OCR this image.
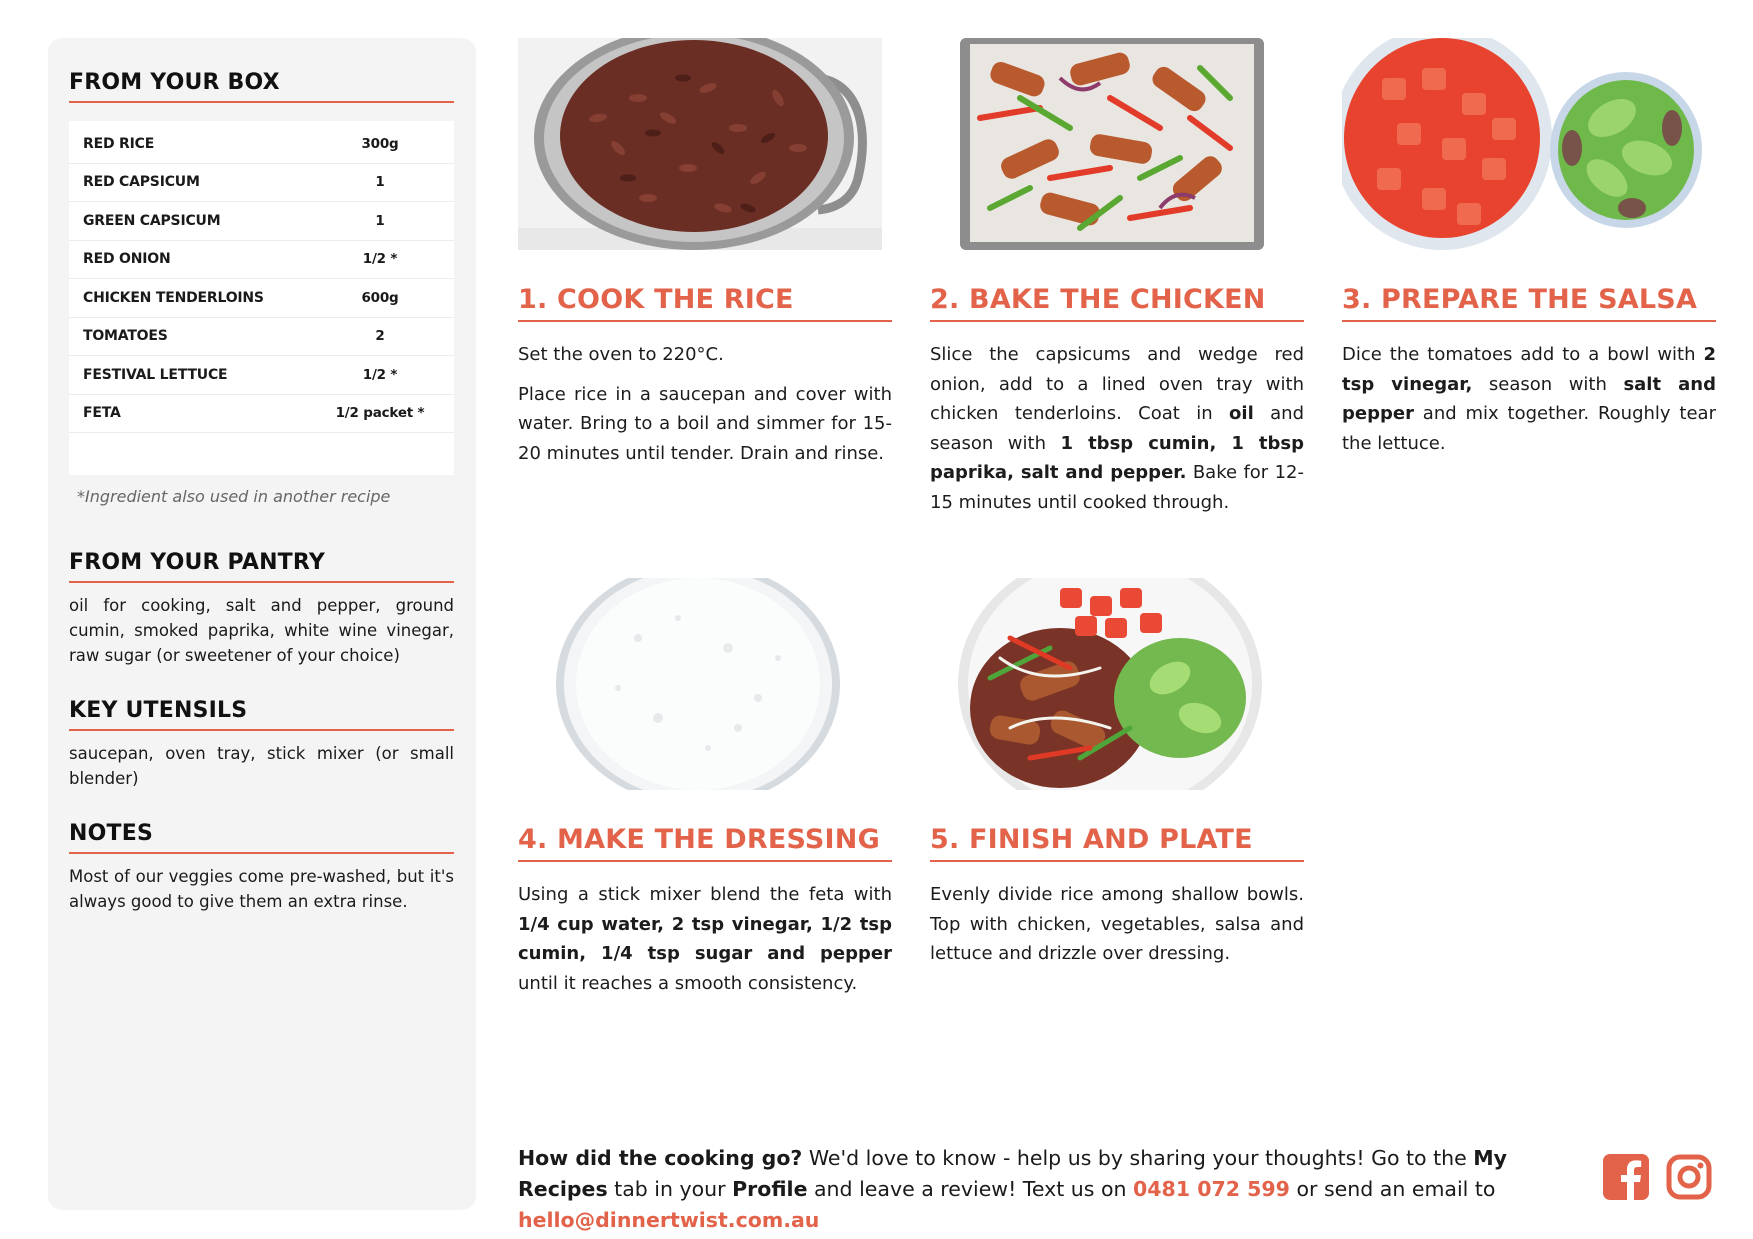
FROM YOUR BOX
RED RICE	300g
RED CAPSICUM	1
GREEN CAPSICUM	1
RED ONION	1/2 *
CHICKEN TENDERLOINS	600g
TOMATOES	2
FESTIVAL LETTUCE	1/2 *
FETA	1/2 packet *
*Ingredient also used in another recipe
FROM YOUR PANTRY
oil for cooking, salt and pepper, ground cumin, smoked paprika, white wine vinegar, raw sugar (or sweetener of your choice)
KEY UTENSILS
saucepan, oven tray, stick mixer (or small blender)
NOTES
Most of our veggies come pre-washed, but it's always good to give them an extra rinse.
1. COOK THE RICE

Set the oven to 220°C.

Place rice in a saucepan and cover with water. Bring to a boil and simmer for 15-20 minutes until tender. Drain and rinse.

2. BAKE THE CHICKEN

Slice the capsicums and wedge red onion, add to a lined oven tray with chicken tenderloins. Coat in oil and season with 1 tbsp cumin, 1 tbsp paprika, salt and pepper. Bake for 12-15 minutes until cooked through.

3. PREPARE THE SALSA

Dice the tomatoes add to a bowl with 2 tsp vinegar, season with salt and pepper and mix together. Roughly tear the lettuce.

4. MAKE THE DRESSING

Using a stick mixer blend the feta with 1/4 cup water, 2 tsp vinegar, 1/2 tsp cumin, 1/4 tsp sugar and pepper until it reaches a smooth consistency.

5. FINISH AND PLATE

Evenly divide rice among shallow bowls. Top with chicken, vegetables, salsa and lettuce and drizzle over dressing.

How did the cooking go? We'd love to know - help us by sharing your thoughts! Go to the My Recipes tab in your Profile and leave a review! Text us on 0481 072 599 or send an email to hello@dinnertwist.com.au
